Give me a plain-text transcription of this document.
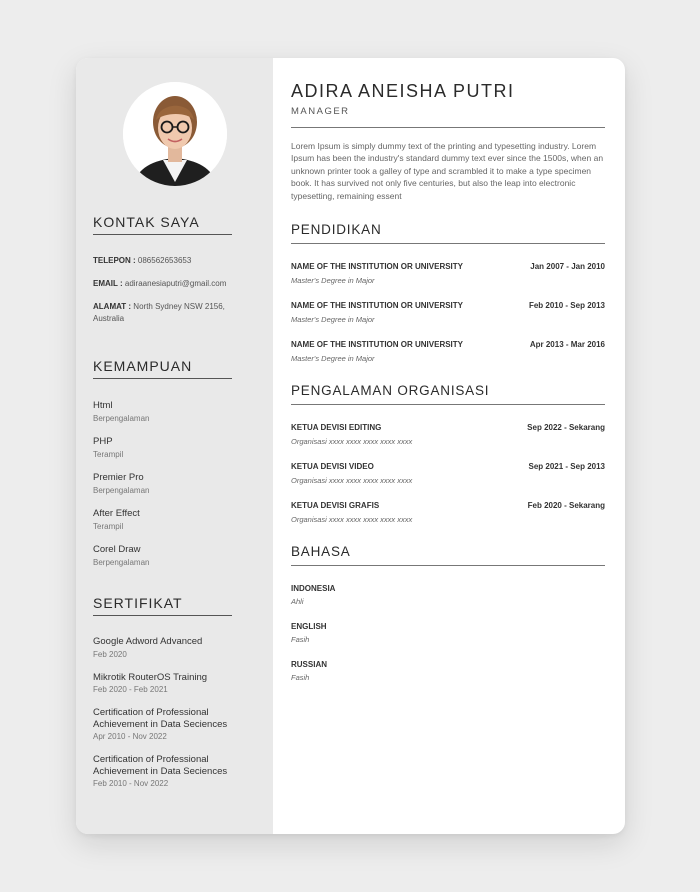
KONTAK SAYA
TELEPON : 086562653653
EMAIL : adiraanesiaputri@gmail.com
ALAMAT : North Sydney NSW 2156, Australia
KEMAMPUAN
Html
Berpengalaman
PHP
Terampil
Premier Pro
Berpengalaman
After Effect
Terampil
Corel Draw
Berpengalaman
SERTIFIKAT
Google Adword Advanced
Feb 2020
Mikrotik RouterOS Training
Feb 2020 - Feb 2021
Certification of Professional Achievement in Data Seciences
Apr 2010 - Nov 2022
Certification of Professional Achievement in Data Seciences
Feb 2010 - Nov 2022
ADIRA ANEISHA PUTRI
MANAGER

Lorem Ipsum is simply dummy text of the printing and typesetting industry. Lorem Ipsum has been the industry's standard dummy text ever since the 1500s, when an unknown printer took a galley of type and scrambled it to make a type specimen book. It has survived not only five centuries, but also the leap into electronic typesetting, remaining essent

PENDIDIKAN
NAME OF THE INSTITUTION OR UNIVERSITY	Jan 2007 - Jan 2010
Master's Degree in Major
NAME OF THE INSTITUTION OR UNIVERSITY	Feb 2010 - Sep 2013
Master's Degree in Major
NAME OF THE INSTITUTION OR UNIVERSITY	Apr 2013 - Mar 2016
Master's Degree in Major
PENGALAMAN ORGANISASI
KETUA DEVISI EDITING	Sep 2022 - Sekarang
Organisasi xxxx xxxx xxxx xxxx xxxx
KETUA DEVISI VIDEO	Sep 2021 - Sep 2013
Organisasi xxxx xxxx xxxx xxxx xxxx
KETUA DEVISI GRAFIS	Feb 2020 - Sekarang
Organisasi xxxx xxxx xxxx xxxx xxxx
BAHASA
INDONESIA
Ahli
ENGLISH
Fasih
RUSSIAN
Fasih
